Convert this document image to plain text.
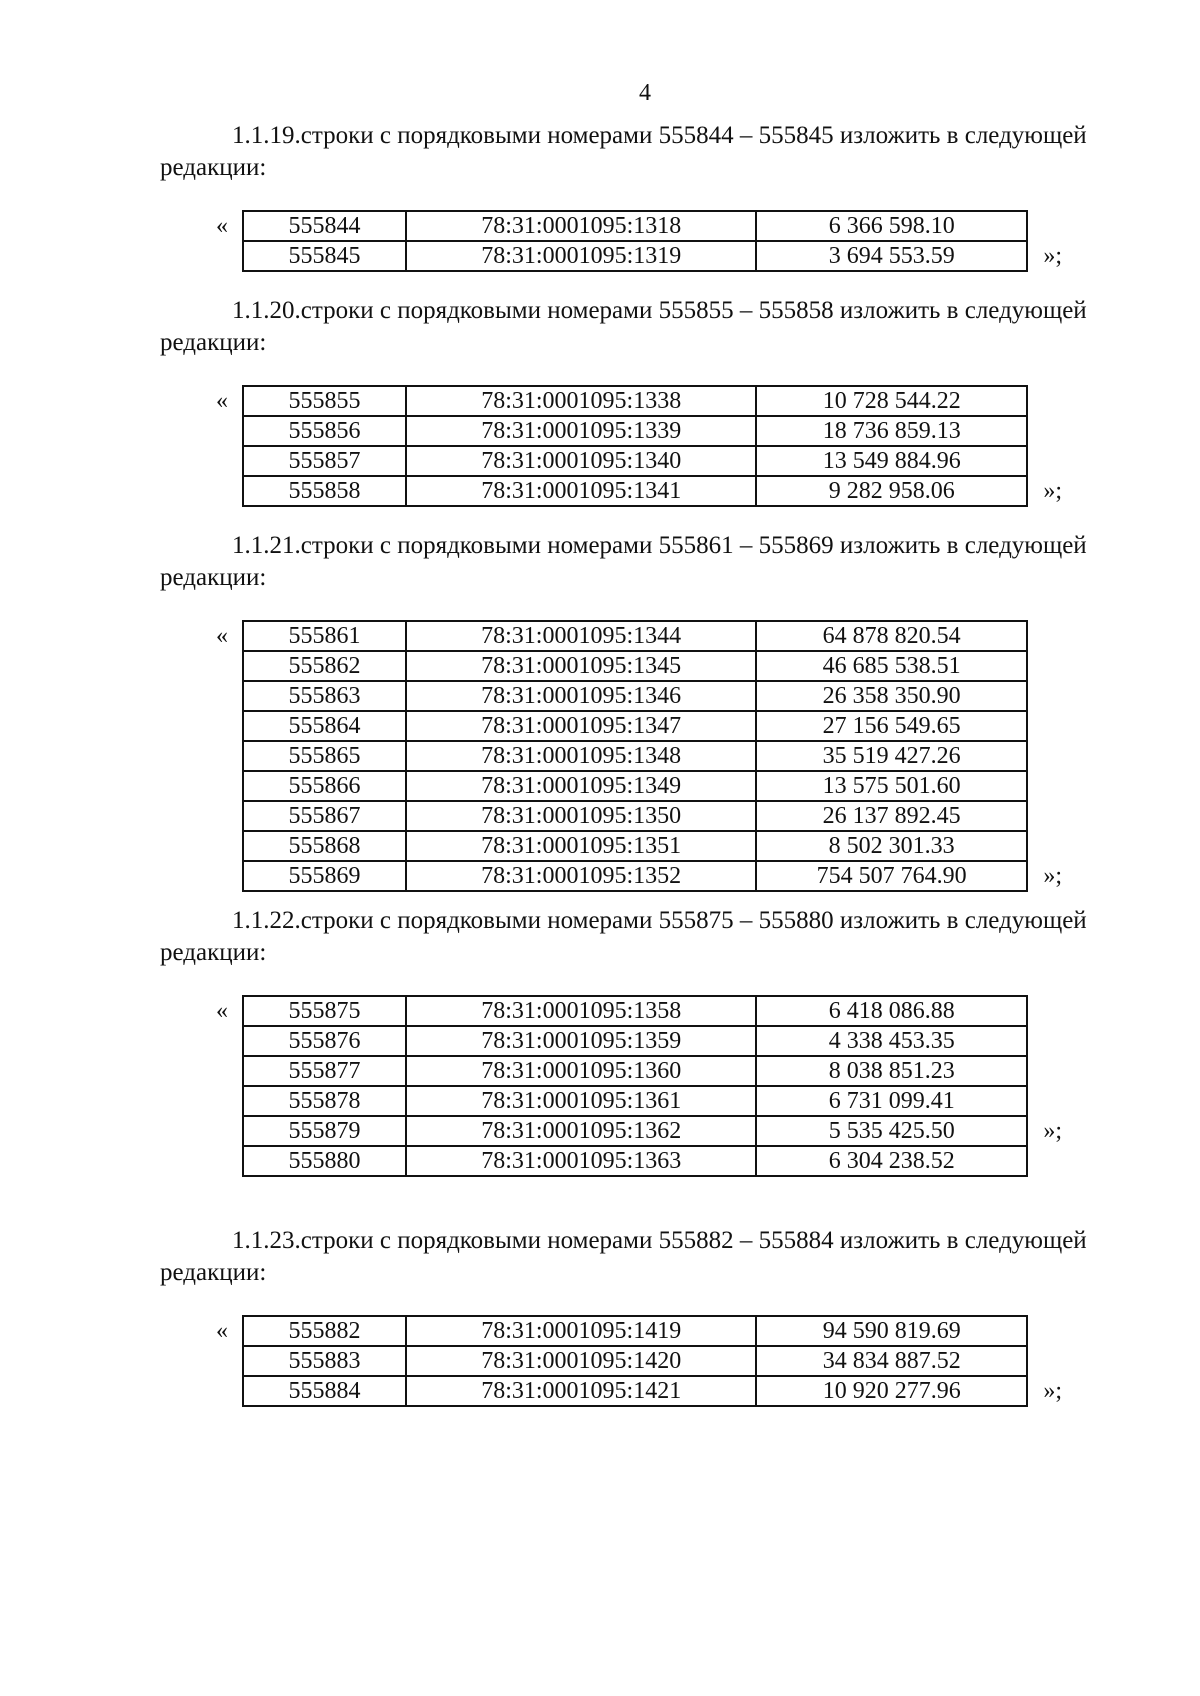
4

1.1.19.строки с порядковыми номерами 555844 – 555845 изложить в следующей редакции:

«	555844	78:31:0001095:1318	6 366 598.10
555845	78:31:0001095:1319	3 694 553.59	»;

1.1.20.строки с порядковыми номерами 555855 – 555858 изложить в следующей редакции:

«	555855	78:31:0001095:1338	10 728 544.22
555856	78:31:0001095:1339	18 736 859.13
555857	78:31:0001095:1340	13 549 884.96
555858	78:31:0001095:1341	9 282 958.06	»;

1.1.21.строки с порядковыми номерами 555861 – 555869 изложить в следующей редакции:

«	555861	78:31:0001095:1344	64 878 820.54
555862	78:31:0001095:1345	46 685 538.51
555863	78:31:0001095:1346	26 358 350.90
555864	78:31:0001095:1347	27 156 549.65
555865	78:31:0001095:1348	35 519 427.26
555866	78:31:0001095:1349	13 575 501.60
555867	78:31:0001095:1350	26 137 892.45
555868	78:31:0001095:1351	8 502 301.33
555869	78:31:0001095:1352	754 507 764.90	»;

1.1.22.строки с порядковыми номерами 555875 – 555880 изложить в следующей редакции:

«	555875	78:31:0001095:1358	6 418 086.88
555876	78:31:0001095:1359	4 338 453.35
555877	78:31:0001095:1360	8 038 851.23
555878	78:31:0001095:1361	6 731 099.41
555879	78:31:0001095:1362	5 535 425.50
555880	78:31:0001095:1363	6 304 238.52
»;

1.1.23.строки с порядковыми номерами 555882 – 555884 изложить в следующей редакции:

«	555882	78:31:0001095:1419	94 590 819.69
555883	78:31:0001095:1420	34 834 887.52
555884	78:31:0001095:1421	10 920 277.96	»;
